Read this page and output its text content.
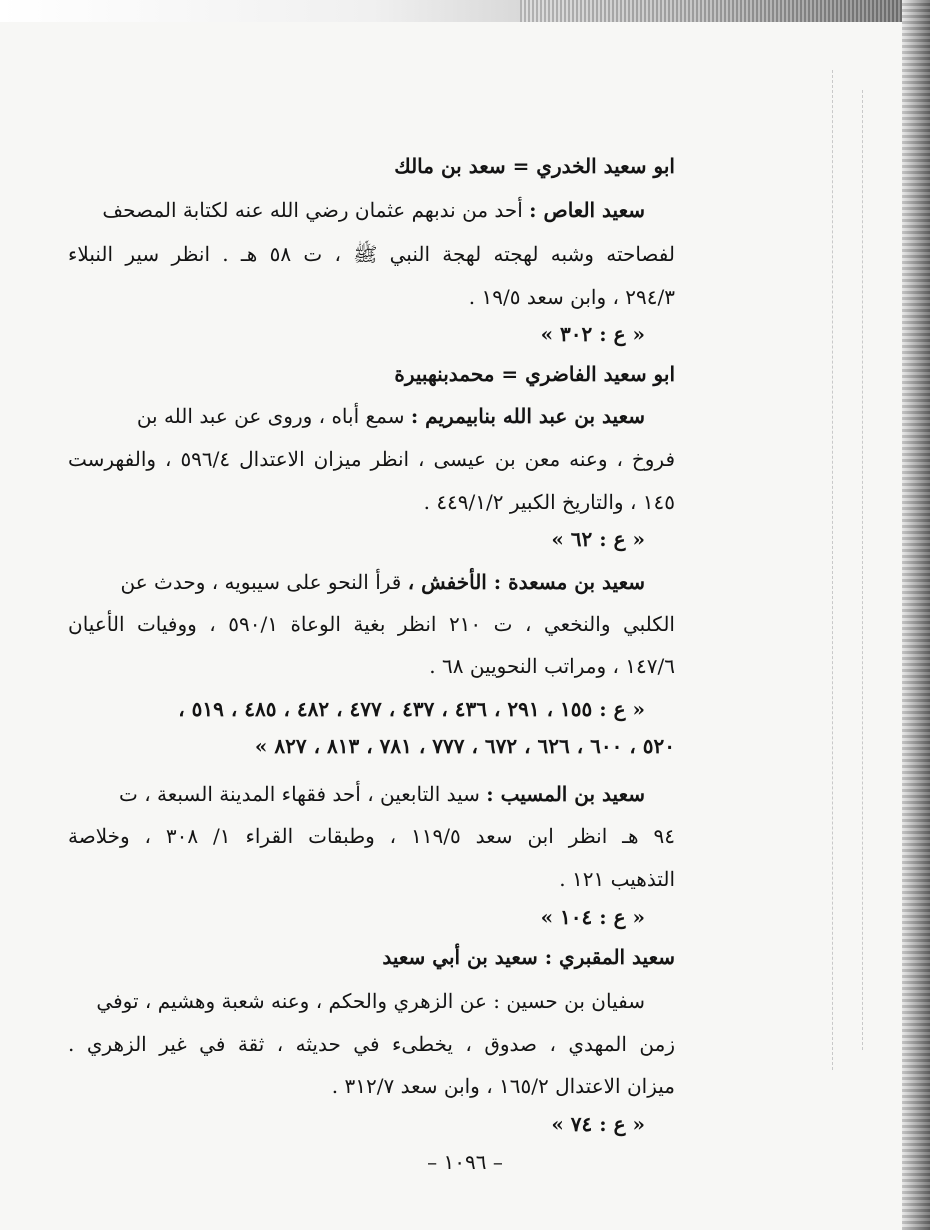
ابو سعيد الخدري = سعد بن مالك
سعيد العاص : أحد من ندبهم عثمان رضي الله عنه لكتابة المصحف
لفصاحته وشبه لهجته لهجة النبي ﷺ ، ت ٥٨ هـ . انظر سير النبلاء
٢٩٤/٣ ، وابن سعد ١٩/٥ .
« ع : ٣٠٢ »
ابو سعيد الفاضري = محمدبنهبيرة
سعيد بن عبد الله بنابيمريم : سمع أباه ، وروى عن عبد الله بن
فروخ ، وعنه معن بن عيسى ، انظر ميزان الاعتدال ٥٩٦/٤ ، والفهرست
١٤٥ ، والتاريخ الكبير ٤٤٩/١/٢ .
« ع : ٦٢ »
سعيد بن مسعدة : الأخفش ، قرأ النحو على سيبويه ، وحدث عن
الكلبي والنخعي ، ت ٢١٠ انظر بغية الوعاة ٥٩٠/١ ، ووفيات الأعيان
١٤٧/٦ ، ومراتب النحويين ٦٨ .
« ع : ١٥٥ ، ٢٩١ ، ٤٣٦ ، ٤٣٧ ، ٤٧٧ ، ٤٨٢ ، ٤٨٥ ، ٥١٩ ،
٥٢٠ ، ٦٠٠ ، ٦٢٦ ، ٦٧٢ ، ٧٧٧ ، ٧٨١ ، ٨١٣ ، ٨٢٧ »
سعيد بن المسيب : سيد التابعين ، أحد فقهاء المدينة السبعة ، ت
٩٤ هـ انظر ابن سعد ١١٩/٥ ، وطبقات القراء ١/ ٣٠٨ ، وخلاصة
التذهيب ١٢١ .
« ع : ١٠٤ »
سعيد المقبري : سعيد بن أبي سعيد
سفيان بن حسين : عن الزهري والحكم ، وعنه شعبة وهشيم ، توفي
زمن المهدي ، صدوق ، يخطىء في حديثه ، ثقة في غير الزهري .
ميزان الاعتدال ١٦٥/٢ ، وابن سعد ٣١٢/٧ .
« ع : ٧٤ »
– ١٠٩٦ –
